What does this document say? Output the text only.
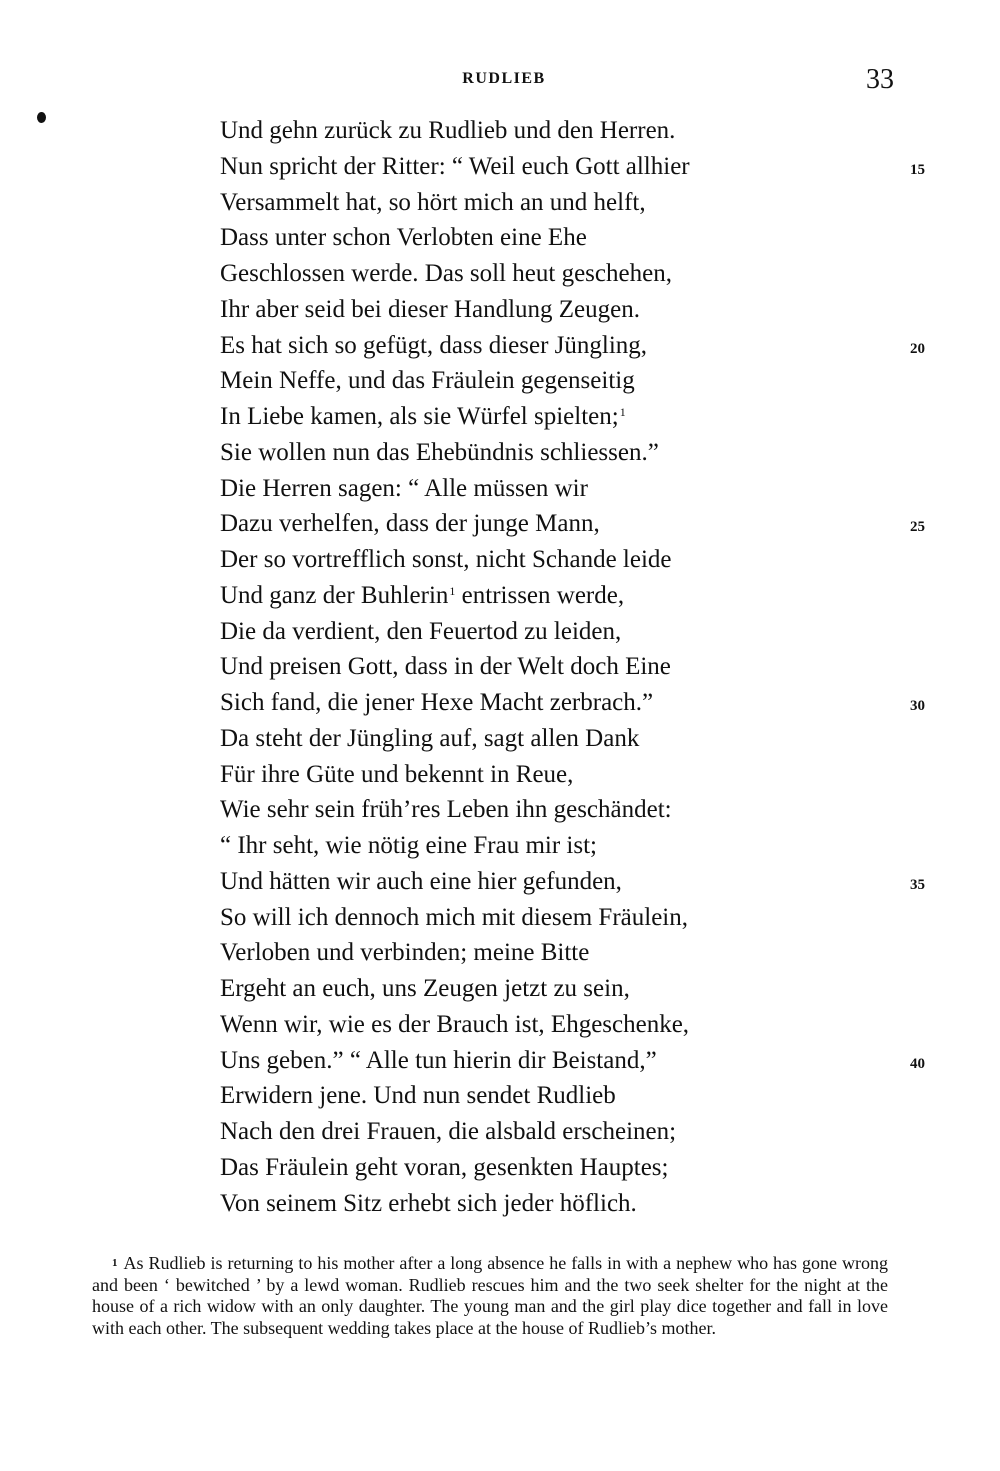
RUDLIEB	33
Und gehn zurück zu Rudlieb und den Herren.
Nun spricht der Ritter: “ Weil euch Gott allhier	15
Versammelt hat, so hört mich an und helft,
Dass unter schon Verlobten eine Ehe
Geschlossen werde. Das soll heut geschehen,
Ihr aber seid bei dieser Handlung Zeugen.
Es hat sich so gefügt, dass dieser Jüngling,	20
Mein Neffe, und das Fräulein gegenseitig
In Liebe kamen, als sie Würfel spielten;$^1$
Sie wollen nun das Ehebündnis schliessen.”
Die Herren sagen: “ Alle müssen wir
Dazu verhelfen, dass der junge Mann,	25
Der so vortrefflich sonst, nicht Schande leide
Und ganz der Buhlerin$^1$ entrissen werde,
Die da verdient, den Feuertod zu leiden,
Und preisen Gott, dass in der Welt doch Eine
Sich fand, die jener Hexe Macht zerbrach.”	30
Da steht der Jüngling auf, sagt allen Dank
Für ihre Güte und bekennt in Reue,
Wie sehr sein früh’res Leben ihn geschändet:
“ Ihr seht, wie nötig eine Frau mir ist;
Und hätten wir auch eine hier gefunden,	35
So will ich dennoch mich mit diesem Fräulein,
Verloben und verbinden; meine Bitte
Ergeht an euch, uns Zeugen jetzt zu sein,
Wenn wir, wie es der Brauch ist, Ehgeschenke,
Uns geben.” “ Alle tun hierin dir Beistand,”	40
Erwidern jene. Und nun sendet Rudlieb
Nach den drei Frauen, die alsbald erscheinen;
Das Fräulein geht voran, gesenkten Hauptes;
Von seinem Sitz erhebt sich jeder höflich.
$^1$ As Rudlieb is returning to his mother after a long absence he falls in with a nephew who has gone wrong and been ‘ bewitched ’ by a lewd woman. Rudlieb rescues him and the two seek shelter for the night at the house of a rich widow with an only daughter. The young man and the girl play dice together and fall in love with each other. The subsequent wedding takes place at the house of Rudlieb’s mother.
